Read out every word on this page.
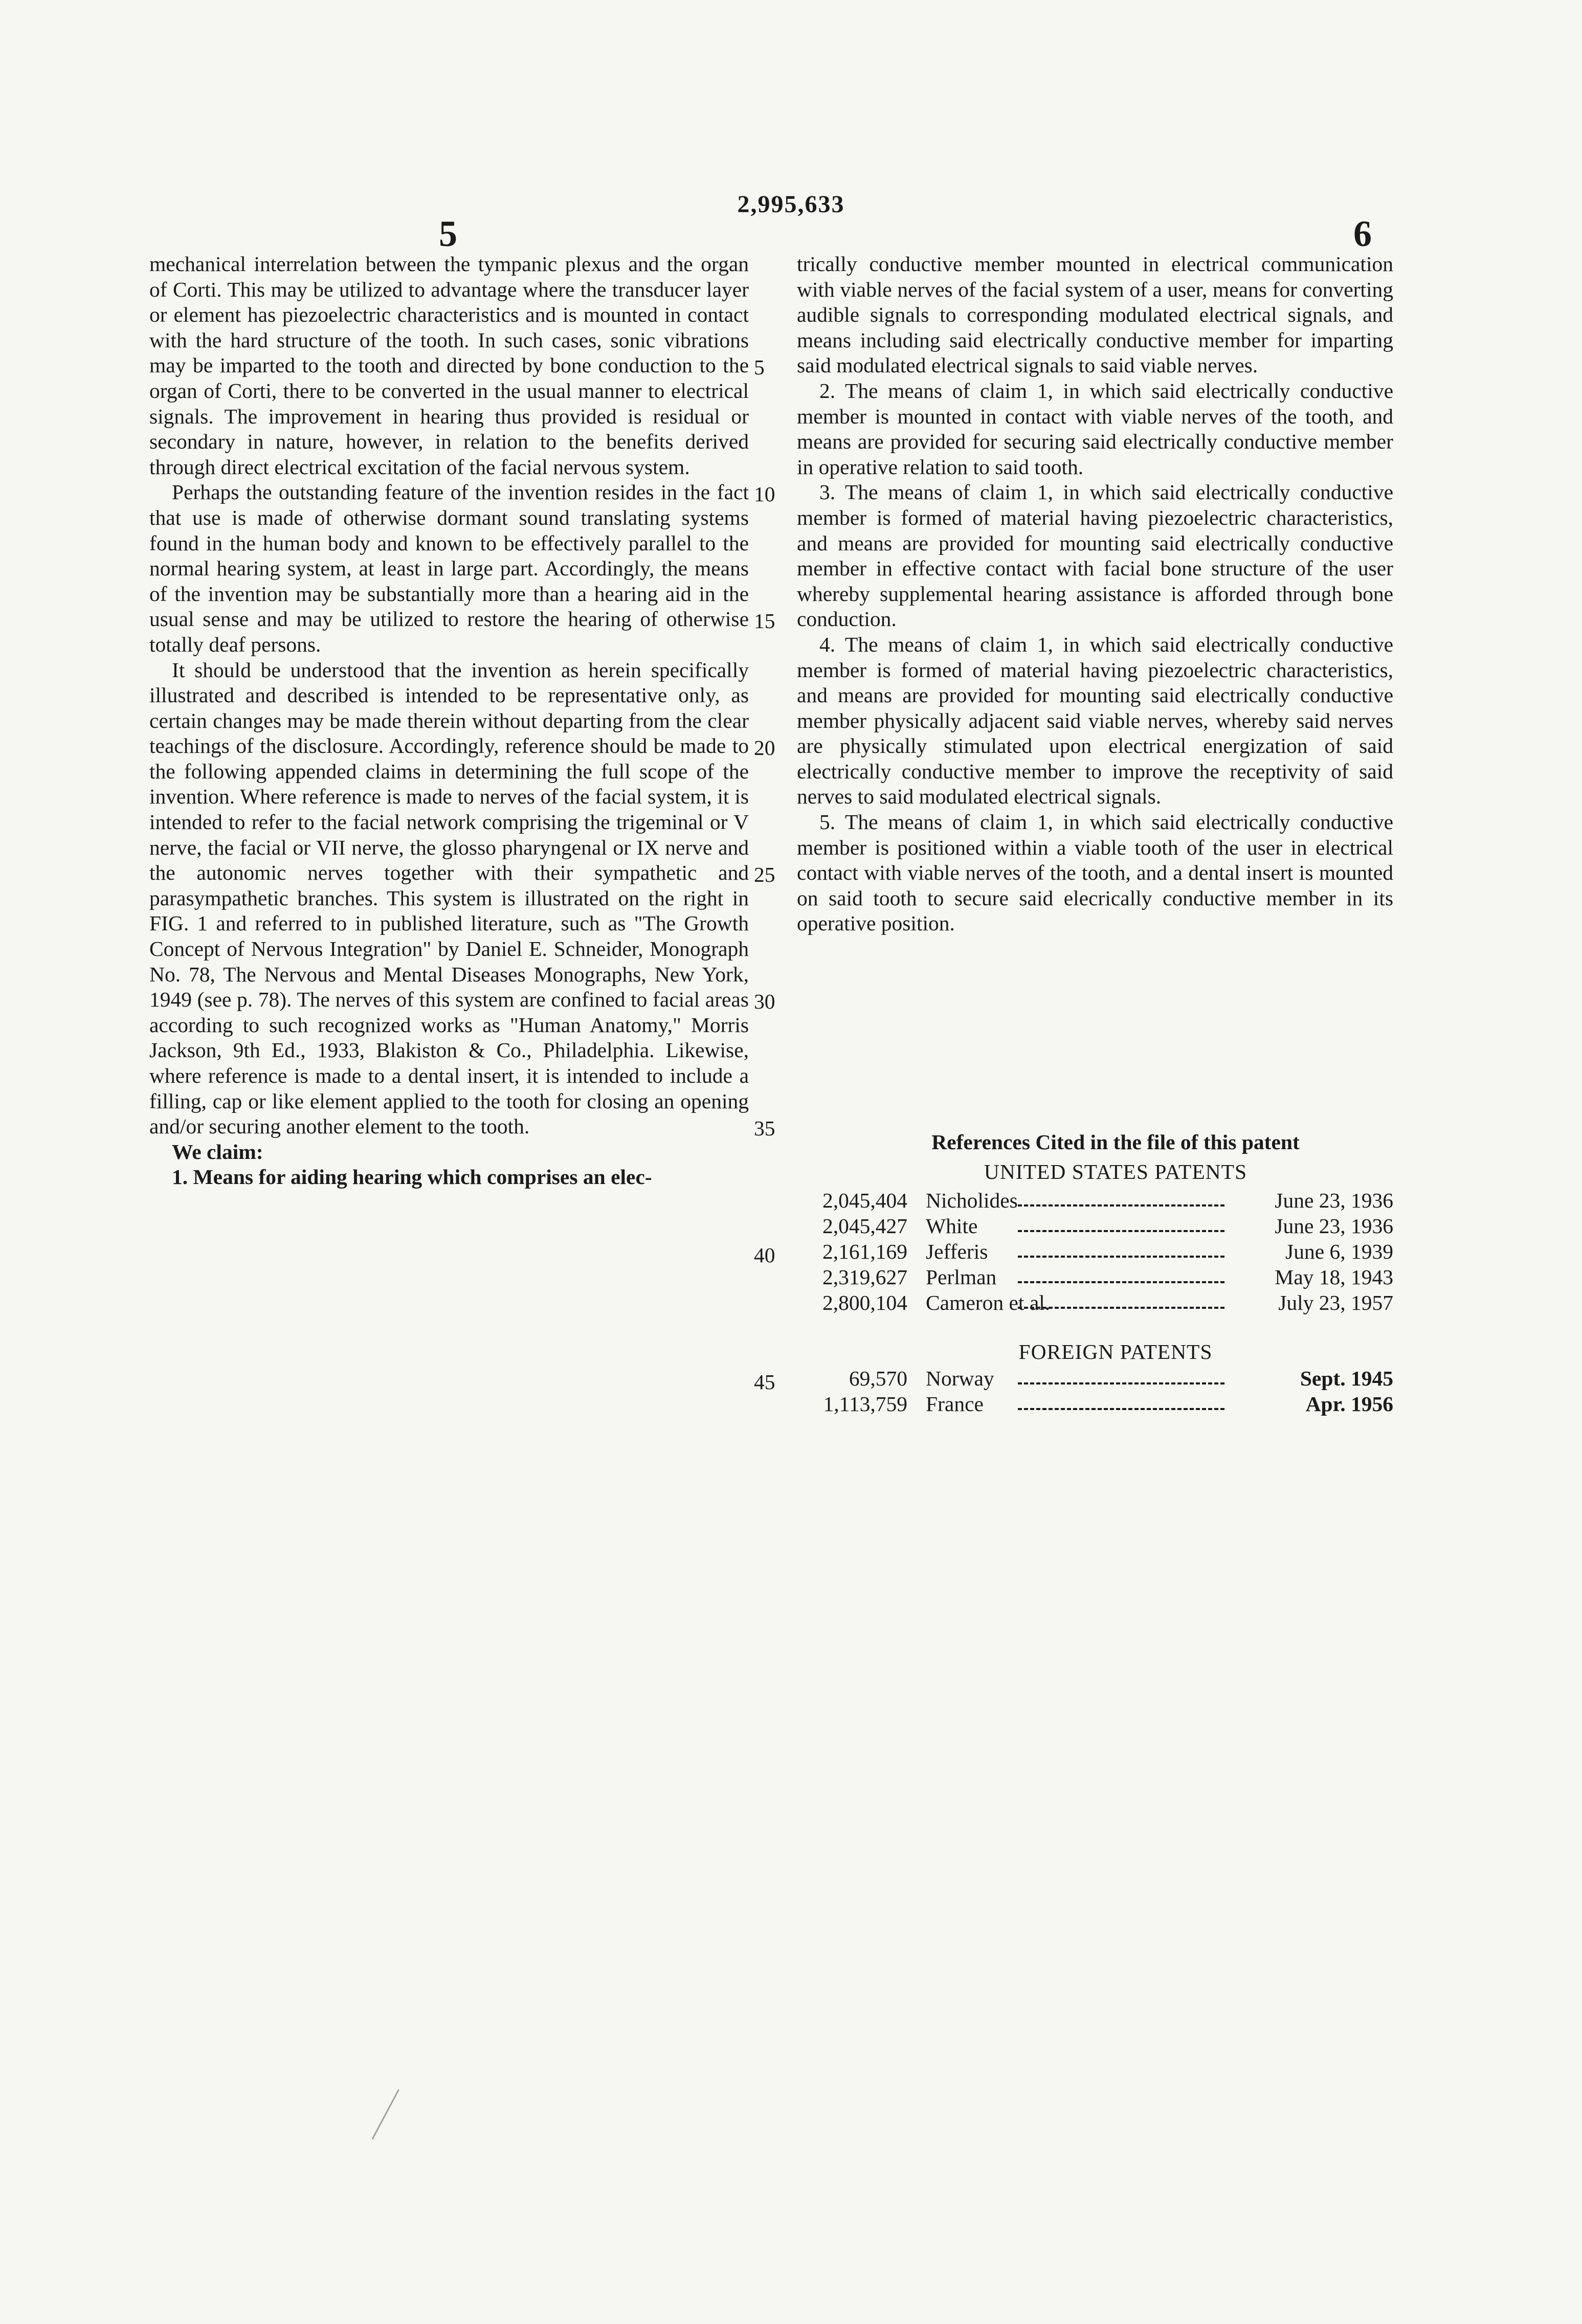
2,995,633
5	6

mechanical interrelation between the tympanic plexus and the organ of Corti. This may be utilized to advantage where the transducer layer or element has piezoelectric characteristics and is mounted in contact with the hard structure of the tooth. In such cases, sonic vibrations may be imparted to the tooth and directed by bone conduction to the organ of Corti, there to be converted in the usual manner to electrical signals. The improvement in hearing thus provided is residual or secondary in nature, however, in relation to the benefits derived through direct electrical excitation of the facial nervous system.

Perhaps the outstanding feature of the invention resides in the fact that use is made of otherwise dormant sound translating systems found in the human body and known to be effectively parallel to the normal hearing system, at least in large part. Accordingly, the means of the invention may be substantially more than a hearing aid in the usual sense and may be utilized to restore the hearing of otherwise totally deaf persons.

It should be understood that the invention as herein specifically illustrated and described is intended to be representative only, as certain changes may be made therein without departing from the clear teachings of the disclosure. Accordingly, reference should be made to the following appended claims in determining the full scope of the invention. Where reference is made to nerves of the facial system, it is intended to refer to the facial network comprising the trigeminal or V nerve, the facial or VII nerve, the glosso pharyngenal or IX nerve and the autonomic nerves together with their sympathetic and parasympathetic branches. This system is illustrated on the right in FIG. 1 and referred to in published literature, such as "The Growth Concept of Nervous Integration" by Daniel E. Schneider, Monograph No. 78, The Nervous and Mental Diseases Monographs, New York, 1949 (see p. 78). The nerves of this system are confined to facial areas according to such recognized works as "Human Anatomy," Morris Jackson, 9th Ed., 1933, Blakiston & Co., Philadelphia. Likewise, where reference is made to a dental insert, it is intended to include a filling, cap or like element applied to the tooth for closing an opening and/or securing another element to the tooth.

We claim:

1. Means for aiding hearing which comprises an elec-

5
10
15
20
25
30
35
40
45

trically conductive member mounted in electrical communication with viable nerves of the facial system of a user, means for converting audible signals to corresponding modulated electrical signals, and means including said electrically conductive member for imparting said modulated electrical signals to said viable nerves.

2. The means of claim 1, in which said electrically conductive member is mounted in contact with viable nerves of the tooth, and means are provided for securing said electrically conductive member in operative relation to said tooth.

3. The means of claim 1, in which said electrically conductive member is formed of material having piezoelectric characteristics, and means are provided for mounting said electrically conductive member in effective contact with facial bone structure of the user whereby supplemental hearing assistance is afforded through bone conduction.

4. The means of claim 1, in which said electrically conductive member is formed of material having piezoelectric characteristics, and means are provided for mounting said electrically conductive member physically adjacent said viable nerves, whereby said nerves are physically stimulated upon electrical energization of said electrically conductive member to improve the receptivity of said nerves to said modulated electrical signals.

5. The means of claim 1, in which said electrically conductive member is positioned within a viable tooth of the user in electrical contact with viable nerves of the tooth, and a dental insert is mounted on said tooth to secure said elecrically conductive member in its operative position.

References Cited in the file of this patent
UNITED STATES PATENTS
2,045,404 Nicholides	June 23, 1936
2,045,427 White	June 23, 1936
2,161,169 Jefferis	June 6, 1939
2,319,627 Perlman	May 18, 1943
2,800,104 Cameron et al.	July 23, 1957
FOREIGN PATENTS
69,570 Norway	Sept. 1945
1,113,759 France	Apr. 1956
